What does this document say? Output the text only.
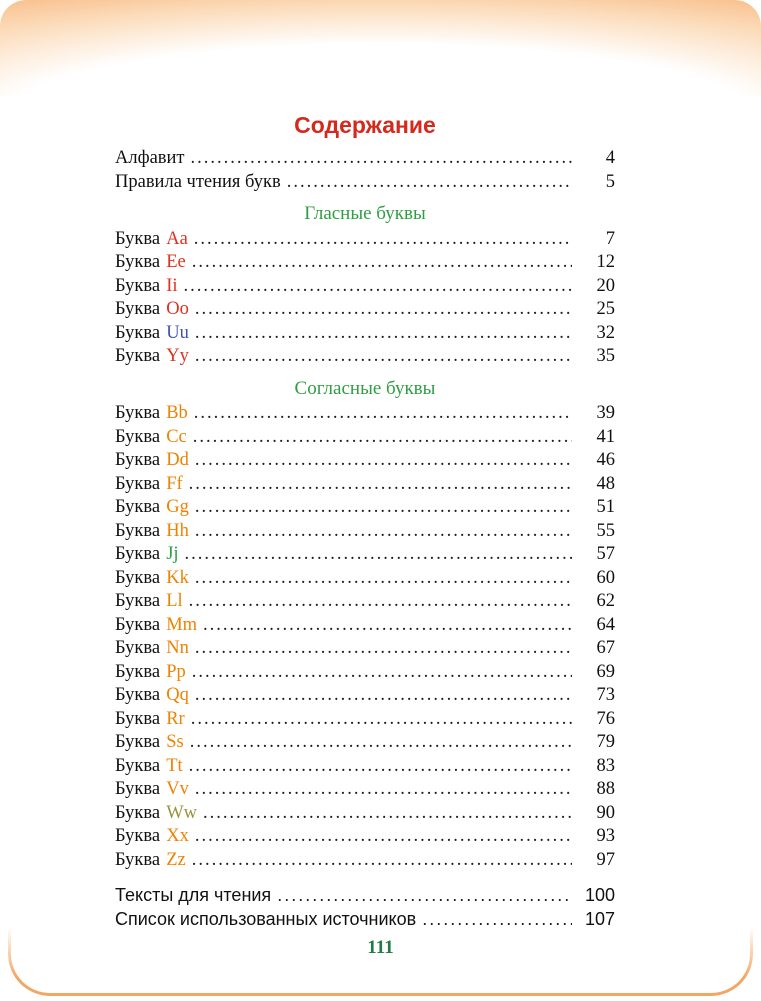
Содержание
Алфавит .....	4
Правила чтения букв .....	5
Гласные буквы
Буква Aa .....	7
Буква Ee .....	12
Буква Ii .....	20
Буква Oo .....	25
Буква Uu .....	32
Буква Yy .....	35
Согласные буквы
Буква Bb .....	39
Буква Cc .....	41
Буква Dd .....	46
Буква Ff .....	48
Буква Gg .....	51
Буква Hh .....	55
Буква Jj .....	57
Буква Kk .....	60
Буква Ll .....	62
Буква Mm .....	64
Буква Nn .....	67
Буква Pp .....	69
Буква Qq .....	73
Буква Rr .....	76
Буква Ss .....	79
Буква Tt .....	83
Буква Vv .....	88
Буква Ww .....	90
Буква Xx .....	93
Буква Zz .....	97
Тексты для чтения .....	100
Список использованных источников .....	107
111
